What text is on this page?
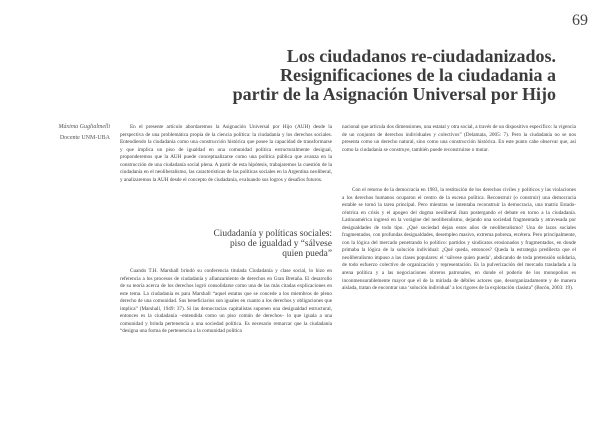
69
Los ciudadanos re-ciudadanizados.
Resignificaciones de la ciudadania a
partir de la Asignación Universal por Hijo
Máxima Guglialmelli
Docente UNM-UBA

En el presente artículo abordaremos la Asignación Universal por Hijo (AUH) desde la perspectiva de una problemática propia de la ciencia política: la ciudadanía y los derechos sociales. Entendiendo la ciudadanía como una construcción histórica que posee la capacidad de transformarse y que implica un piso de igualdad en una comunidad política estructuralmente desigual, proponderemos que la AUH puede conceptualizarse como una política pública que avanza en la construcción de una ciudadanía social plena. A partir de esta hipótesis, trabajaremos la cuestión de la ciudadanía en el neoliberalismo, las características de las políticas sociales en la Argentina neoliberal, y analizaremos la AUH desde el concepto de ciudadanía, evaluando sus logros y desafíos futuros.

Ciudadanía y políticas sociales:
piso de igualdad y “sálvese
quien pueda”

Cuando T.H. Marshall brindó su conferencia titulada Ciudadanía y clase social, lo hizo en referencia a los procesos de ciudadanía y afianzamiento de derechos en Gran Bretaña. El desarrollo de su teoría acerca de los derechos logró consolidarse como una de las más citadas explicaciones en este tema. La ciudadanía es para Marshall “aquel estatus que se concede a los miembros de pleno derecho de una comunidad. Sus beneficiarios son iguales en cuanto a los derechos y obligaciones que implica” (Marshall, 1949: 37). Si las democracias capitalistas suponen una desigualdad estructural, entonces es la ciudadanía –entendida como un piso común de derechos– lo que iguala a una comunidad y brinda pertenencia a una sociedad política. Es necesario remarcar que la ciudadanía “designa una forma de pertenencia a la comunidad política

nacional que articula dos dimensiones, una estatal y otra social, a través de un dispositivo específico: la vigencia de un conjunto de derechos individuales y colectivos” (Delamata, 2005: 7). Pero la ciudadanía no se nos presenta como un derecho natural, sino como una construcción histórica. En este punto cabe observar que, así como la ciudadanía se construye, también puede reconstruirse o mutar.

Con el retorno de la democracia en 1983, la restitución de los derechos civiles y políticos y las violaciones a los derechos humanos ocuparon el centro de la escena política. Reconstruir (o construir) una democracia estable se tornó la tarea principal. Pero mientras se intentaba reconstruir la democracia, una matriz Estado-céntrica en crisis y el apogeo del dogma neoliberal iban postergando el debate en torno a la ciudadanía. Latinoamérica ingresó en la vorágine del neoliberalismo, dejando una sociedad fragmentada y atravesada por desigualdades de todo tipo. ¿Qué sociedad dejan estos años de neoliberalismo? Una de lazos sociales fragmentados, con profundas desigualdades, desempleo masivo, extrema pobreza, etcétera. Pero principalmente, con la lógica del mercado penetrando lo político: partidos y sindicatos erosionados y fragmentados, en donde primaba la lógica de la solución individual: ¿Qué queda, entonces? Queda la estrategia predilecta que el neoliberalismo impuso a las clases populares: el ‘sálvese quien pueda’, abdicando de toda pretensión solidaria, de todo esfuerzo colectivo de organización y representación. Es la pulverización del mercado trasladada a la arena política y a las negociaciones obreros patronales, en donde el poderío de los monopolios es inconmensurablemente mayor que el de la miríada de débiles actores que, desorganizadamente y de manera aislada, tratan de encontrar una ‘solución individual’ a los rigores de la explotación clasista” (Borón, 2003: 19).
